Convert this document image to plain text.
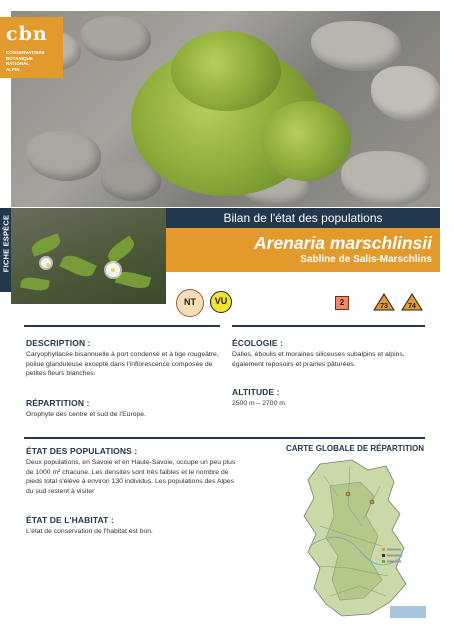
cbn
CONSERVATOIRE
BOTANIQUE NATIONAL
ALPIN
FICHE ESPÈCE	Bilan de l'état des populations
Arenaria marschlinsii
Sabline de Salis-Marschlins
NT	VU	2	73	74
DESCRIPTION :
Caryophyllacée bisannuelle à port condensé et à tige rougeâtre,
poilue glanduleuse excepté dans l'inflorescence composée de
petites fleurs blanches.
ÉCOLOGIE :
Dalles, éboulis et moraines siliceuses subalpins et alpins,
également reposoirs et prairies pâturées.
RÉPARTITION :
Orophyte des centre et sud de l'Europe.
ALTITUDE :
2500 m – 2700 m.
ÉTAT DES POPULATIONS :
Deux populations, en Savoie et en Haute-Savoie, occupe un peu plus
de 1000 m² chacune. Les densités sont très faibles et le nombre de
pieds total s'élève à environ 130 individus. Les populations des Alpes
du sud restent à visiter
ÉTAT DE L'HABITAT :
L'état de conservation de l'habitat est bon.
CARTE GLOBALE DE RÉPARTITION
